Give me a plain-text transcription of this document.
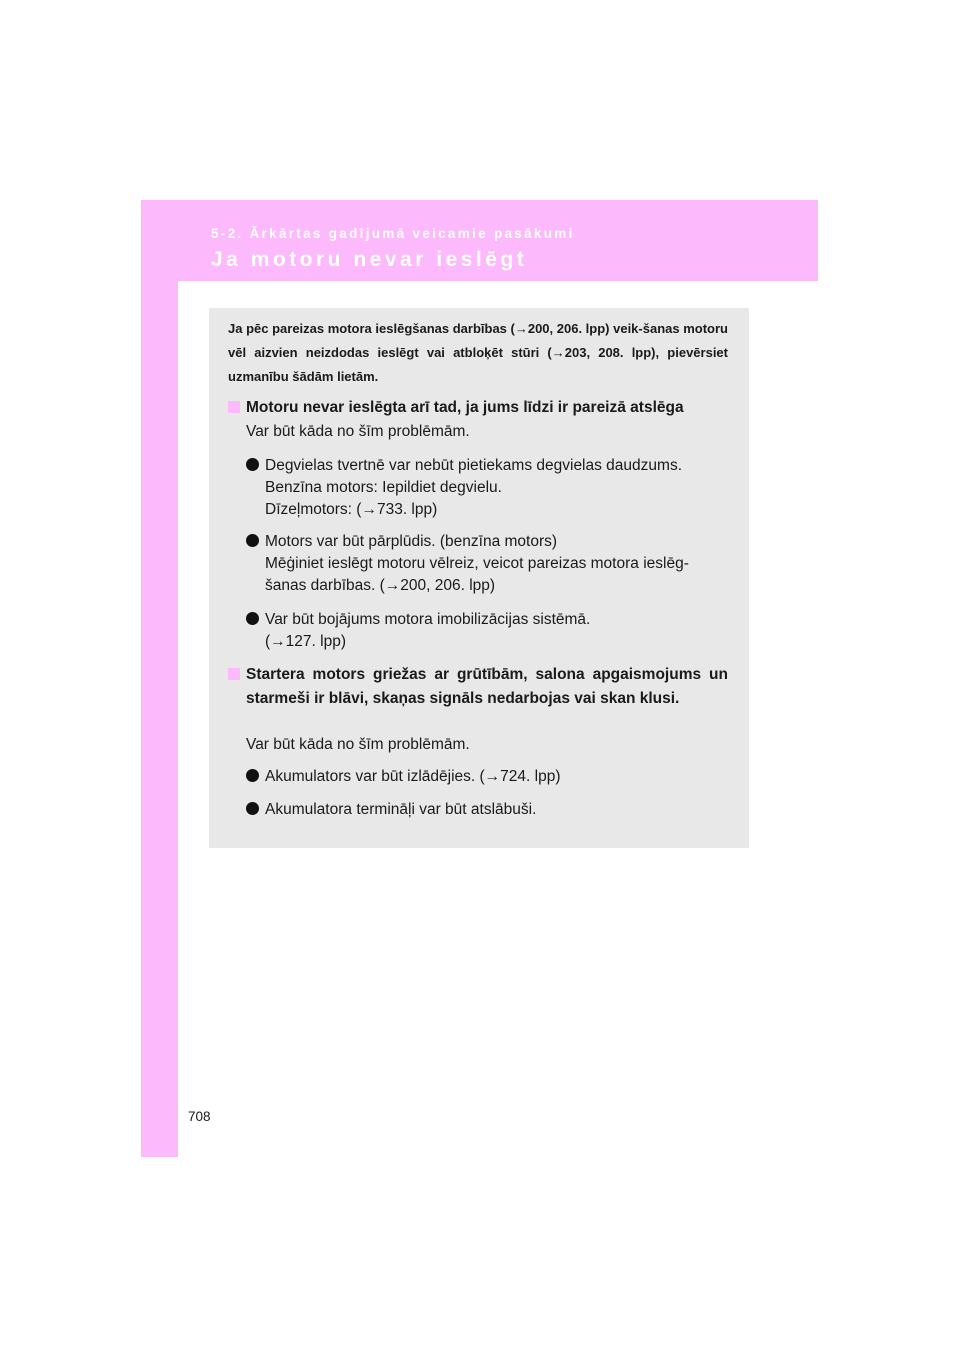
5-2. Ārkārtas gadījumā veicamie pasākumi
Ja motoru nevar ieslēgt
Ja pēc pareizas motora ieslēgšanas darbības (→200, 206. lpp) veik-šanas motoru vēl aizvien neizdodas ieslēgt vai atbloķēt stūri (→203, 208. lpp), pievērsiet uzmanību šādām lietām.
Motoru nevar ieslēgta arī tad, ja jums līdzi ir pareizā atslēga
Var būt kāda no šīm problēmām.
Degvielas tvertnē var nebūt pietiekams degvielas daudzums.
Benzīna motors: Iepildiet degvielu.
Dīzeļmotors: (→733. lpp)
Motors var būt pārplūdis. (benzīna motors)
Mēģiniet ieslēgt motoru vēlreiz, veicot pareizas motora ieslēg-
šanas darbības. (→200, 206. lpp)
Var būt bojājums motora imobilizācijas sistēmā.
(→127. lpp)
Startera motors griežas ar grūtībām, salona apgaismojums un starmeši ir blāvi, skaņas signāls nedarbojas vai skan klusi.
Var būt kāda no šīm problēmām.
Akumulators var būt izlādējies. (→724. lpp)
Akumulatora termināļi var būt atslābuši.
708
